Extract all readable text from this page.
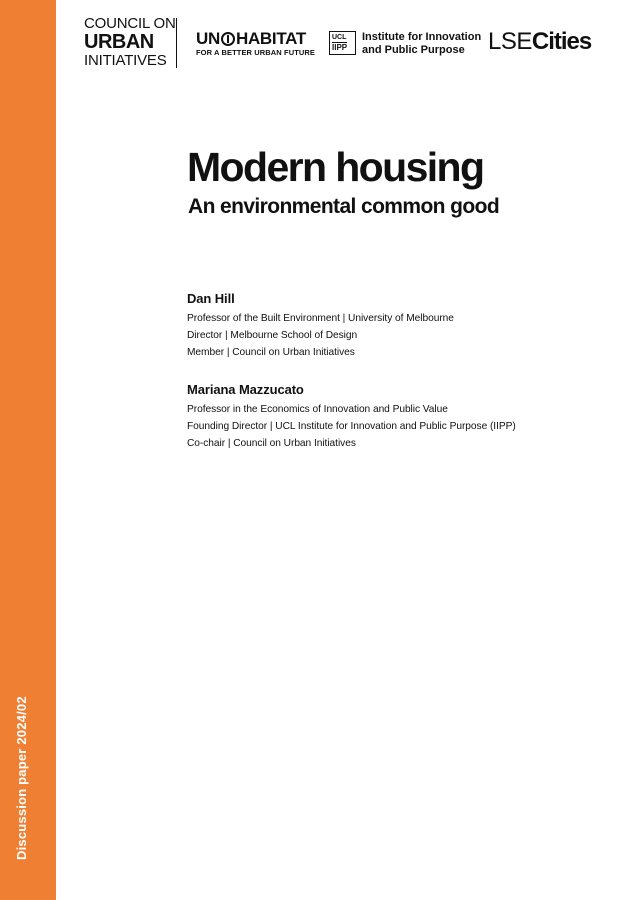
Discussion paper 2024/02
COUNCIL ON
URBAN
INITIATIVES
UN HABITAT
FOR A BETTER URBAN FUTURE
UCL
IIPP
Institute for Innovation
and Public Purpose LSECities
Modern housing
An environmental common good
Dan Hill
Professor of the Built Environment | University of Melbourne
Director | Melbourne School of Design
Member | Council on Urban Initiatives
Mariana Mazzucato
Professor in the Economics of Innovation and Public Value
Founding Director | UCL Institute for Innovation and Public Purpose (IIPP)
Co-chair | Council on Urban Initiatives
